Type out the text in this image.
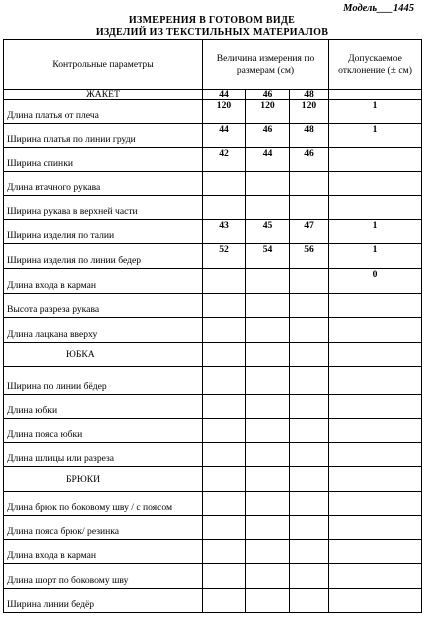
Модель___1445
ИЗМЕРЕНИЯ В ГОТОВОМ ВИДЕ
ИЗДЕЛИЙ ИЗ ТЕКСТИЛЬНЫХ МАТЕРИАЛОВ
Контрольные параметры	Величина измерения по размерам (см)			Допускаемое отклонение (± см)
ЖАКЕТ	44	46	48	
Длина платья от плеча	120	120	120	1
Ширина платья по линии груди	44	46	48	1
Ширина спинки	42	44	46	
Длина втачного рукава				
Ширина рукава в верхней части				
Ширина изделия по талии	43	45	47	1
Ширина изделия по линии бедер	52	54	56	1
Длина входа в карман				0
Высота разреза рукава				
Длина лацкана вверху				
ЮБКА				
Ширина по линии бёдер				
Длина юбки				
Длина пояса юбки				
Длина шлицы или разреза				
БРЮКИ				
Длина брюк по боковому шву / с поясом				
Длина пояса брюк/ резинка				
Длина входа в карман				
Длина шорт по боковому шву				
Ширина линии бедёр				
